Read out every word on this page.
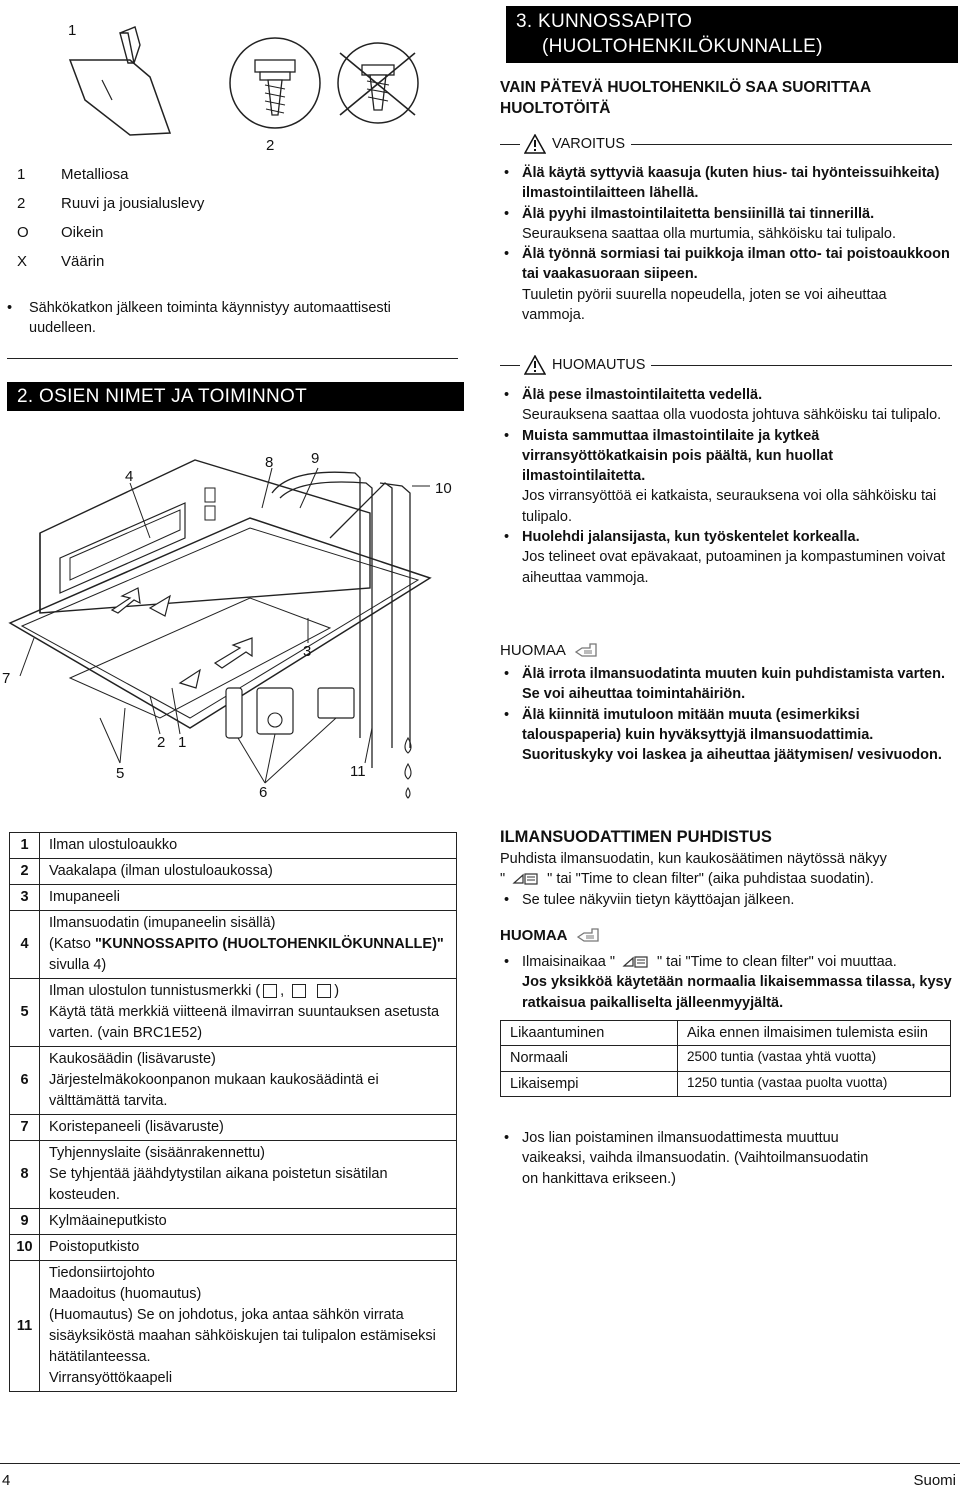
1
2
1	Metalliosa
2	Ruuvi ja jousialuslevy
O	Oikein
X	Väärin
•	Sähkökatkon jälkeen toiminta käynnistyy automaattisesti uudelleen.
2. OSIEN NIMET JA TOIMINNOT
4
8	9
10
3
7
2 1
5	11
6
1	Ilman ulostuloaukko
2	Vaakalapa (ilman ulostuloaukossa)
3	Imupaneeli
4	Ilmansuodatin (imupaneelin sisällä)
(Katso "KUNNOSSAPITO (HUOLTOHENKILÖKUNNALLE)" sivulla 4)

5	Ilman ulostulon tunnistusmerkki ( , )
Käytä tätä merkkiä viitteenä ilmavirran suuntauksen asetusta varten. (vain BRC1E52)

6	Kaukosäädin (lisävaruste)
Järjestelmäkokoonpanon mukaan kaukosäädintä ei välttämättä tarvita.

7	Koristepaneeli (lisävaruste)
8	Tyhjennyslaite (sisäänrakennettu)
Se tyhjentää jäähdytystilan aikana poistetun sisätilan kosteuden.

9	Kylmäaineputkisto
10	Poistoputkisto
11	Tiedonsiirtojohto
Maadoitus (huomautus)
(Huomautus) Se on johdotus, joka antaa sähkön virrata sisäyksiköstä maahan sähköiskujen tai tulipalon estämiseksi hätätilanteessa.
Virransyöttökaapeli
3. KUNNOSSAPITO
(HUOLTOHENKILÖKUNNALLE)
VAIN PÄTEVÄ HUOLTOHENKILÖ SAA SUORITTAA HUOLTOTÖITÄ
VAROITUS
• Älä käytä syttyviä kaasuja (kuten hius- tai hyönteissuihkeita) ilmastointilaitteen lähellä.
• Älä pyyhi ilmastointilaitetta bensiinillä tai tinnerillä.
Seurauksena saattaa olla murtumia, sähköisku tai tulipalo.
• Älä työnnä sormiasi tai puikkoja ilman otto- tai poistoaukkoon tai vaakasuoraan siipeen.
Tuuletin pyörii suurella nopeudella, joten se voi aiheuttaa vammoja.
HUOMAUTUS
• Älä pese ilmastointilaitetta vedellä.
Seurauksena saattaa olla vuodosta johtuva sähköisku tai tulipalo.
• Muista sammuttaa ilmastointilaite ja kytkeä virransyöttökatkaisin pois päältä, kun huollat ilmastointilaitetta.
Jos virransyöttöä ei katkaista, seurauksena voi olla sähköisku tai tulipalo.
• Huolehdi jalansijasta, kun työskentelet korkealla.
Jos telineet ovat epävakaat, putoaminen ja kompastuminen voivat aiheuttaa vammoja.
HUOMAA
• Älä irrota ilmansuodatinta muuten kuin puhdistamista varten.
Se voi aiheuttaa toimintahäiriön.
• Älä kiinnitä imutuloon mitään muuta (esimerkiksi talouspaperia) kuin hyväksyttyjä ilmansuodattimia. Suorituskyky voi laskea ja aiheuttaa jäätymisen/ vesivuodon.
ILMANSUODATTIMEN PUHDISTUS
Puhdista ilmansuodatin, kun kaukosäätimen näytössä näkyy
"	" tai "Time to clean filter" (aika puhdistaa suodatin).
• Se tulee näkyviin tietyn käyttöajan jälkeen.
HUOMAA
• Ilmaisinaikaa "	" tai "Time to clean filter" voi muuttaa.
Jos yksikköä käytetään normaalia likaisemmassa tilassa, kysy ratkaisua paikalliselta jälleenmyyjältä.
Likaantuminen	Aika ennen ilmaisimen tulemista esiin
Normaali	2500 tuntia (vastaa yhtä vuotta)
Likaisempi	1250 tuntia (vastaa puolta vuotta)
• Jos lian poistaminen ilmansuodattimesta muuttuu vaikeaksi, vaihda ilmansuodatin. (Vaihtoilmansuodatin on hankittava erikseen.)
4	Suomi
